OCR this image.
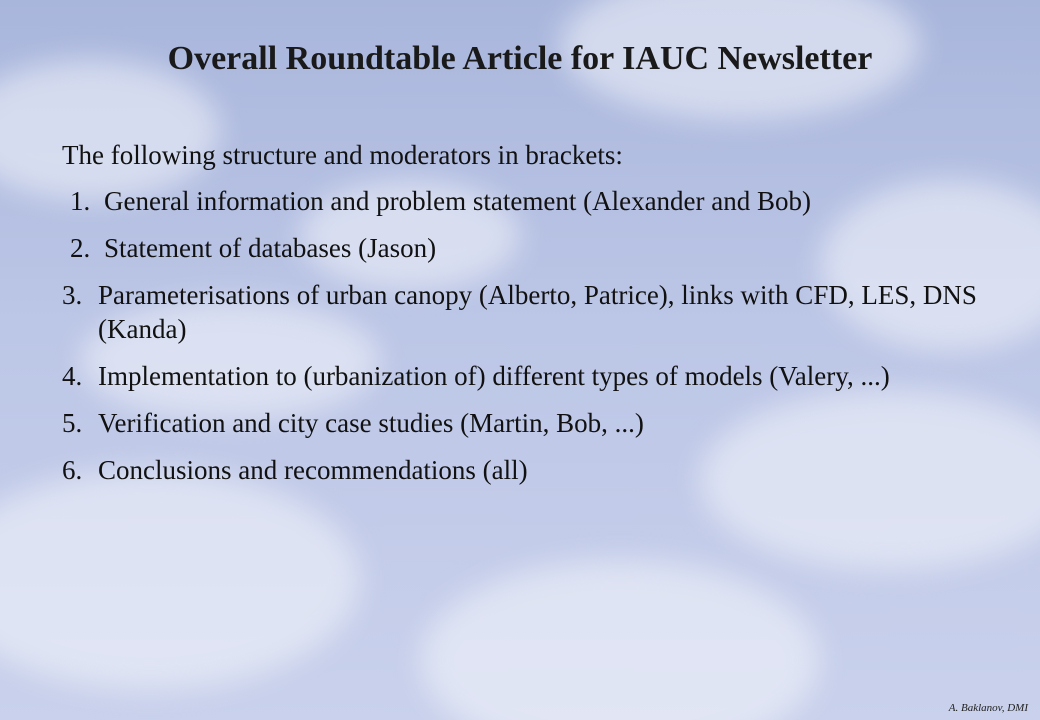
Overall Roundtable Article for IAUC Newsletter

The following structure and moderators in brackets:

1. General information and problem statement (Alexander and Bob)
2. Statement of databases (Jason)
3. Parameterisations of urban canopy (Alberto, Patrice), links with CFD, LES, DNS (Kanda)
4. Implementation to (urbanization of) different types of models (Valery, ...)
5. Verification and city case studies (Martin, Bob, ...)
6. Conclusions and recommendations (all)
A. Baklanov, DMI
